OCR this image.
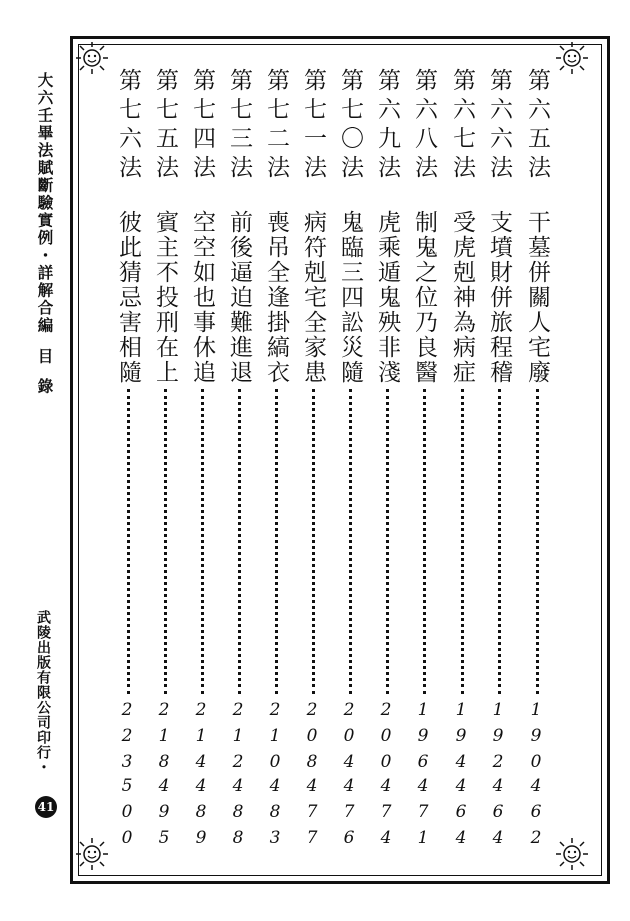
大六壬畢法賦斷驗實例・詳解合編
目
錄
武陵出版有限公司印行・
41
第六五法
干墓併關人宅廢
190
462
第六六法
支墳財併旅程稽
192
464
第六七法
受虎剋神為病症
194
464
第六八法
制鬼之位乃良醫
196
471
第六九法
虎乘遁鬼殃非淺
200
474
第七〇法
鬼臨三四訟災隨
204
476
第七一法
病符剋宅全家患
208
477
第七二法
喪吊全逢掛縞衣
210
483
第七三法
前後逼迫難進退
212
488
第七四法
空空如也事休追
214
489
第七五法
賓主不投刑在上
218
495
第七六法
彼此猜忌害相隨
223
500
